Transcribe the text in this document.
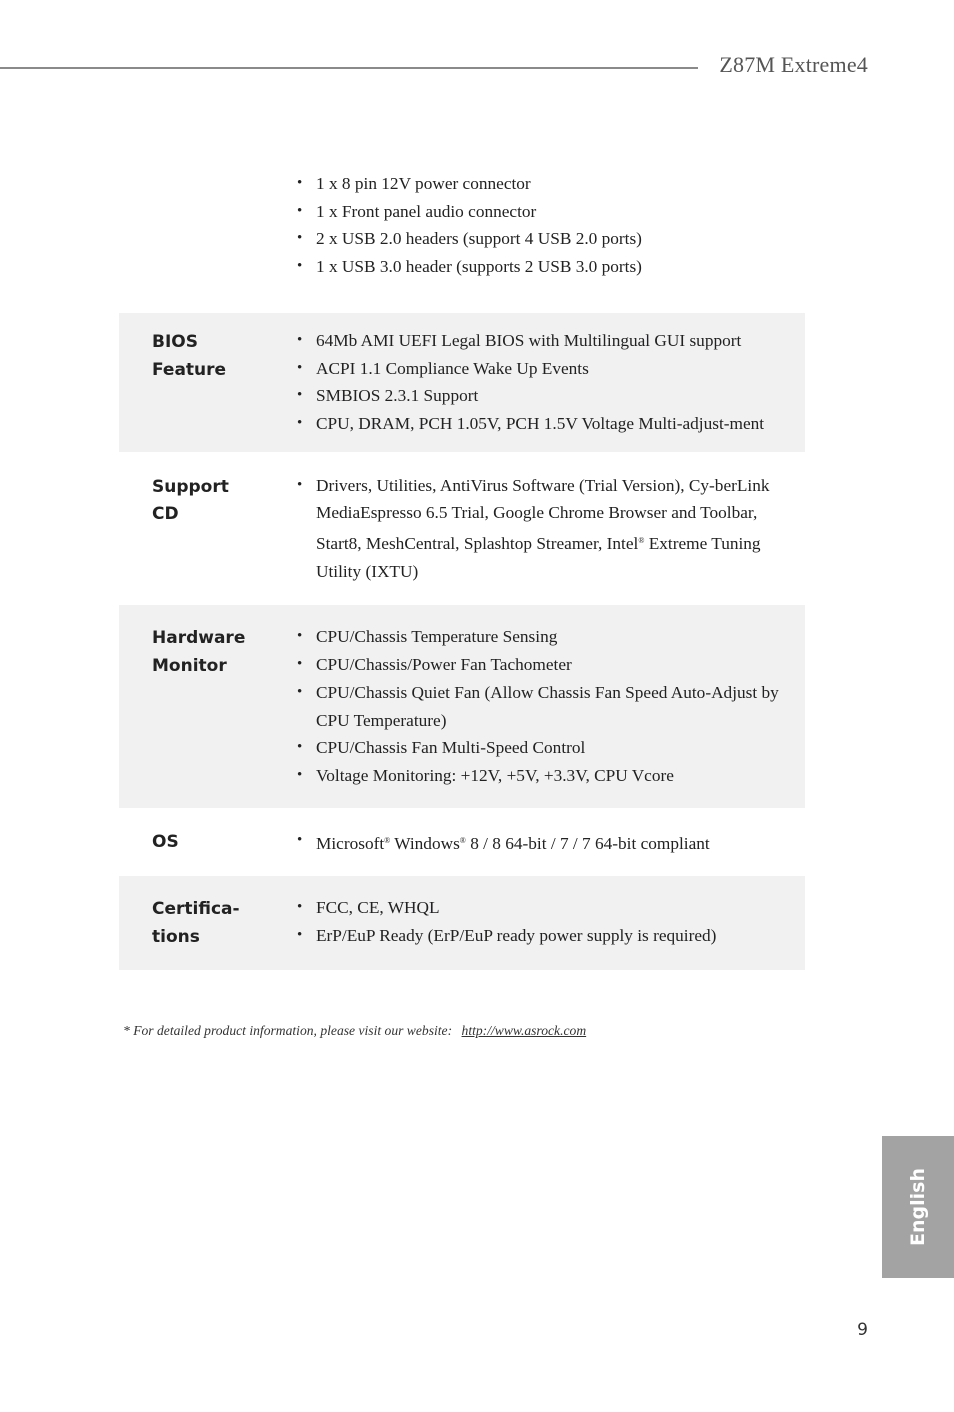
Z87M Extreme4
• 1 x 8 pin 12V power connector
• 1 x Front panel audio connector
• 2 x USB 2.0 headers (support 4 USB 2.0 ports)
• 1 x USB 3.0 header (supports 2 USB 3.0 ports)
BIOS
Feature
• 64Mb AMI UEFI Legal BIOS with Multilingual GUI support
• ACPI 1.1 Compliance Wake Up Events
• SMBIOS 2.3.1 Support
• CPU, DRAM, PCH 1.05V, PCH 1.5V Voltage Multi-adjust-ment
Support
CD
• Drivers, Utilities, AntiVirus Software (Trial Version), Cy-berLink MediaEspresso 6.5 Trial, Google Chrome Browser and Toolbar, Start8, MeshCentral, Splashtop Streamer, Intel® Extreme Tuning Utility (IXTU)
Hardware
Monitor
• CPU/Chassis Temperature Sensing
• CPU/Chassis/Power Fan Tachometer
• CPU/Chassis Quiet Fan (Allow Chassis Fan Speed Auto-Adjust by CPU Temperature)
• CPU/Chassis Fan Multi-Speed Control
• Voltage Monitoring: +12V, +5V, +3.3V, CPU Vcore
OS
•	Microsoft® Windows® 8 / 8 64-bit / 7 / 7 64-bit compliant
Certifica-
tions
• FCC, CE, WHQL
• ErP/EuP Ready (ErP/EuP ready power supply is required)
* For detailed product information, please visit our website: http://www.asrock.com
English
9
